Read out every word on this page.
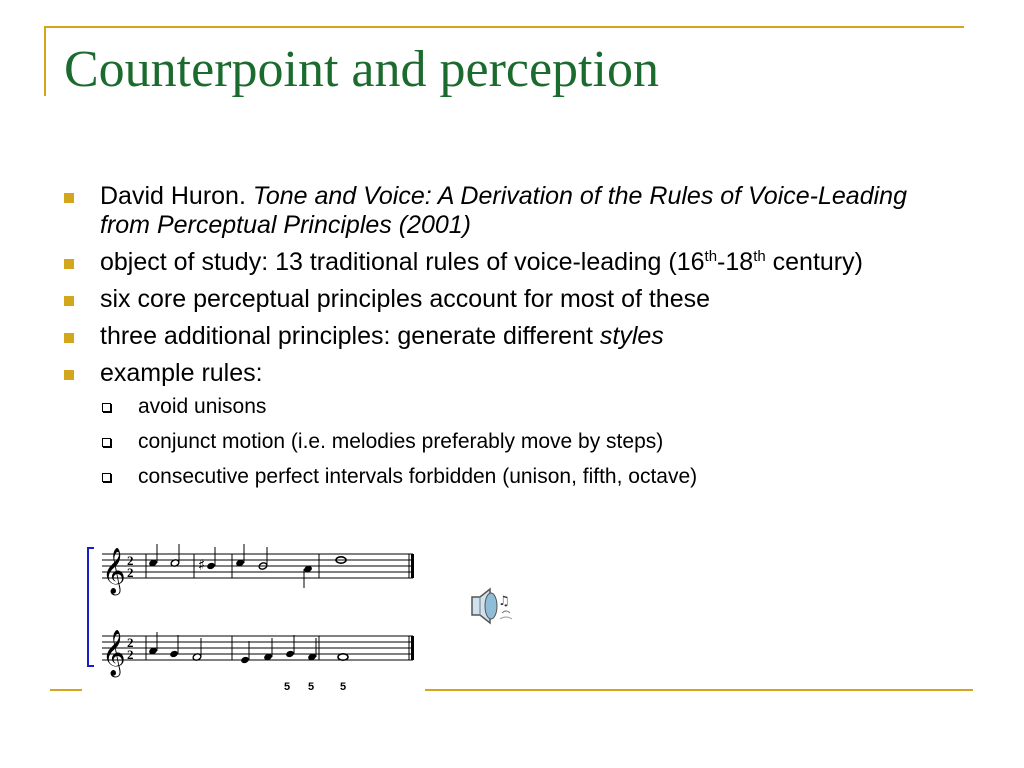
Counterpoint and perception
David Huron. Tone and Voice: A Derivation of the Rules of Voice-Leading from Perceptual Principles (2001)
object of study: 13 traditional rules of voice-leading (16th-18th century)
six core perceptual principles account for most of these
three additional principles: generate different styles
example rules:
avoid unisons
conjunct motion (i.e. melodies preferably move by steps)
consecutive perfect intervals forbidden (unison, fifth, octave)
𝄞
𝄞
2
2
2
2
♯
5 5 5
♫
